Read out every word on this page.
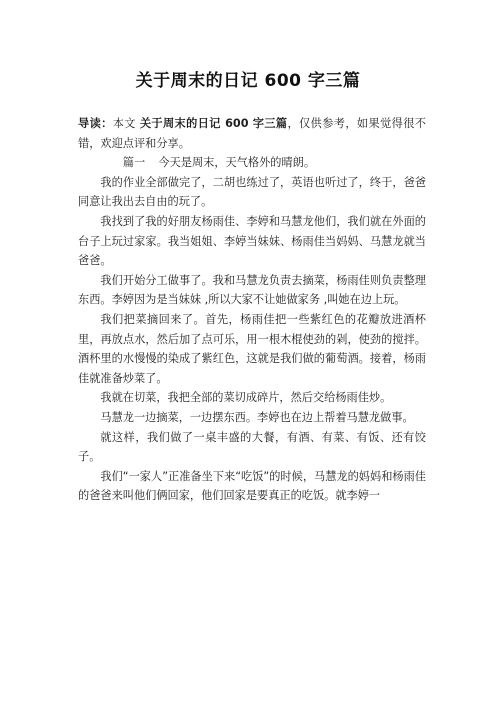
关于周末的日记 600 字三篇

导读：本文 关于周末的日记 600 字三篇，仅供参考，如果觉得很不错，欢迎点评和分享。

篇一 今天是周末，天气格外的晴朗。

我的作业全部做完了，二胡也练过了，英语也听过了，终于，爸爸同意让我出去自由的玩了。

我找到了我的好朋友杨雨佳、李婷和马慧龙他们，我们就在外面的台子上玩过家家。我当姐姐、李婷当妹妹、杨雨佳当妈妈、马慧龙就当爸爸。

我们开始分工做事了。我和马慧龙负责去摘菜，杨雨佳则负责整理东西。李婷因为是当妹妹 ,所以大家不让她做家务 ,叫她在边上玩。

我们把菜摘回来了。首先，杨雨佳把一些紫红色的花瓣放进酒杯里，再放点水，然后加了点可乐，用一根木棍使劲的剁，使劲的搅拌。酒杯里的水慢慢的染成了紫红色，这就是我们做的葡萄酒。接着，杨雨佳就准备炒菜了。

我就在切菜，我把全部的菜切成碎片，然后交给杨雨佳炒。

马慧龙一边摘菜，一边摆东西。李婷也在边上帮着马慧龙做事。

就这样，我们做了一桌丰盛的大餐，有酒、有菜、有饭、还有饺子。

我们“一家人”正准备坐下来“吃饭”的时候，马慧龙的妈妈和杨雨佳的爸爸来叫他们俩回家，他们回家是要真正的吃饭。就李婷一
